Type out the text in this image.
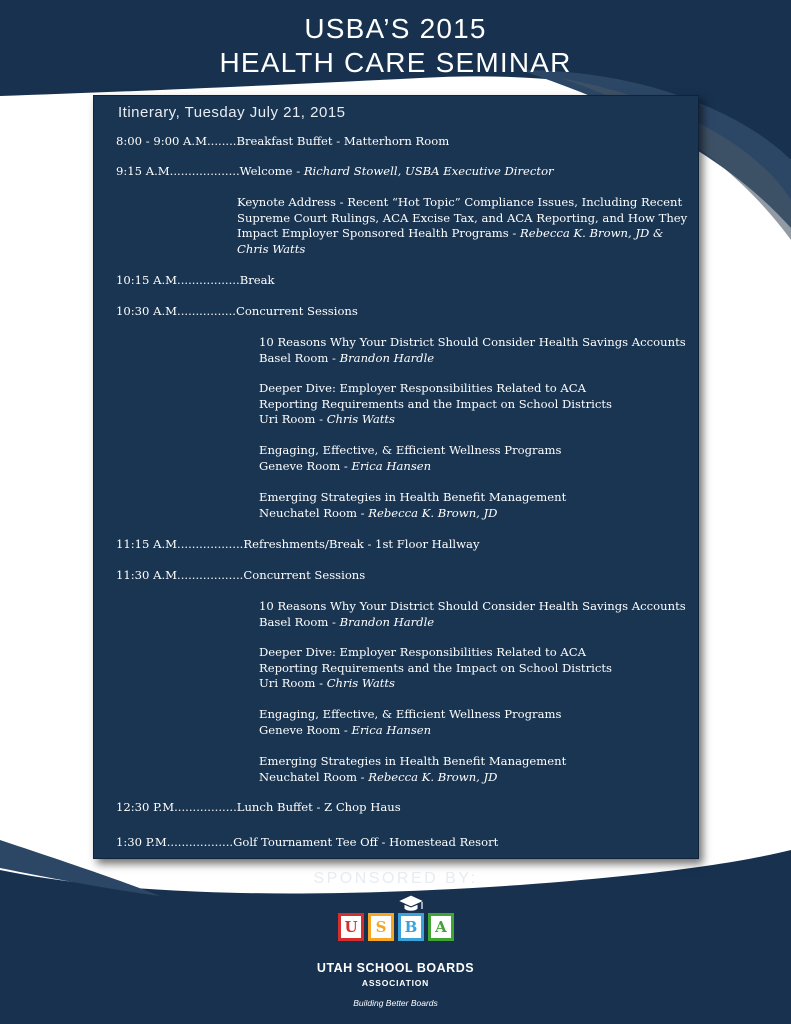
USBA’S 2015
HEALTH CARE SEMINAR
Itinerary, Tuesday July 21, 2015
8:00 - 9:00 A.M........Breakfast Buffet - Matterhorn Room
9:15 A.M...................Welcome - Richard Stowell, USBA Executive Director
Keynote Address - Recent “Hot Topic” Compliance Issues, Including Recent
Supreme Court Rulings, ACA Excise Tax, and ACA Reporting, and How They
Impact Employer Sponsored Health Programs - Rebecca K. Brown, JD &
Chris Watts
10:15 A.M.................Break
10:30 A.M................Concurrent Sessions
10 Reasons Why Your District Should Consider Health Savings Accounts
Basel Room - Brandon Hardle
Deeper Dive: Employer Responsibilities Related to ACA
Reporting Requirements and the Impact on School Districts
Uri Room - Chris Watts
Engaging, Effective, & Efficient Wellness Programs
Geneve Room - Erica Hansen
Emerging Strategies in Health Benefit Management
Neuchatel Room - Rebecca K. Brown, JD
11:15 A.M..................Refreshments/Break - 1st Floor Hallway
11:30 A.M..................Concurrent Sessions
10 Reasons Why Your District Should Consider Health Savings Accounts
Basel Room - Brandon Hardle
Deeper Dive: Employer Responsibilities Related to ACA
Reporting Requirements and the Impact on School Districts
Uri Room - Chris Watts
Engaging, Effective, & Efficient Wellness Programs
Geneve Room - Erica Hansen
Emerging Strategies in Health Benefit Management
Neuchatel Room - Rebecca K. Brown, JD
12:30 P.M.................Lunch Buffet - Z Chop Haus
1:30 P.M..................Golf Tournament Tee Off - Homestead Resort
SPONSORED BY:
U	S	B	A
UTAH SCHOOL BOARDS
ASSOCIATION
Building Better Boards
